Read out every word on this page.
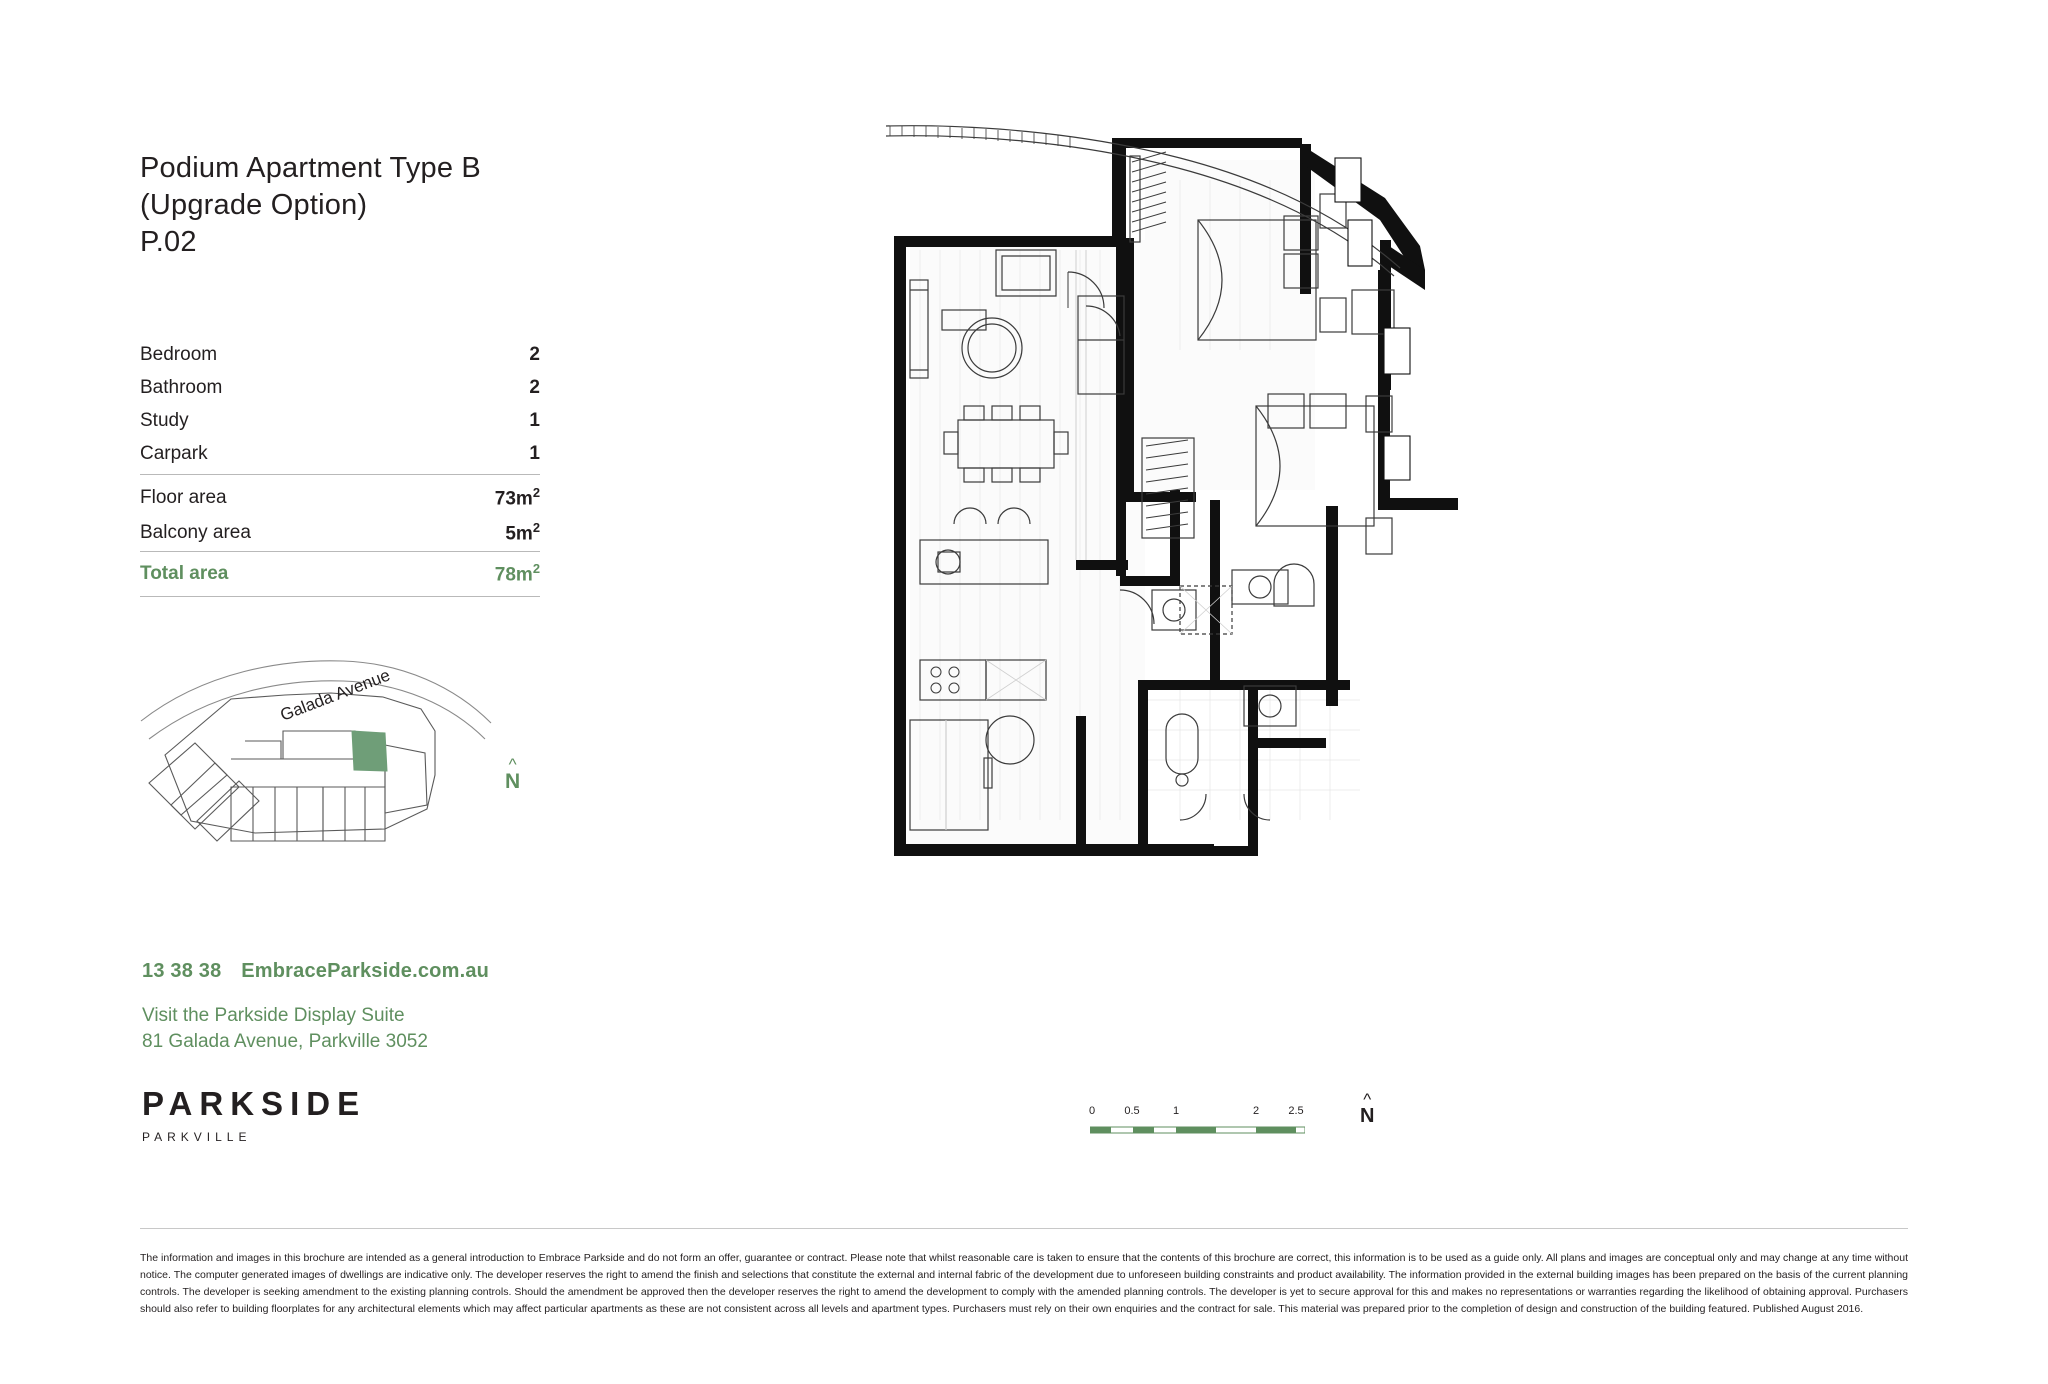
Podium Apartment Type B
(Upgrade Option)
P.02
Bedroom	2
Bathroom	2
Study	1
Carpark	1
Floor area	$73m^2$
Balcony area	$5m^2$
Total area	$78m^2$
Galada Avenue
^
N
13 38 38 EmbraceParkside.com.au
Visit the Parkside Display Suite
81 Galada Avenue, Parkville 3052
PARKSIDE
PARKVILLE
0	0.5	1	2	2.5
^
N
The information and images in this brochure are intended as a general introduction to Embrace Parkside and do not form an offer, guarantee or contract. Please note that whilst reasonable care is taken to ensure that the contents of this brochure are correct, this information is to be used as a guide only. All plans and images are conceptual only and may change at any time without notice. The computer generated images of dwellings are indicative only. The developer reserves the right to amend the finish and selections that constitute the external and internal fabric of the development due to unforeseen building constraints and product availability. The information provided in the external building images has been prepared on the basis of the current planning controls. The developer is seeking amendment to the existing planning controls. Should the amendment be approved then the developer reserves the right to amend the development to comply with the amended planning controls. The developer is yet to secure approval for this and makes no representations or warranties regarding the likelihood of obtaining approval. Purchasers should also refer to building floorplates for any architectural elements which may affect particular apartments as these are not consistent across all levels and apartment types. Purchasers must rely on their own enquiries and the contract for sale. This material was prepared prior to the completion of design and construction of the building featured. Published August 2016.
